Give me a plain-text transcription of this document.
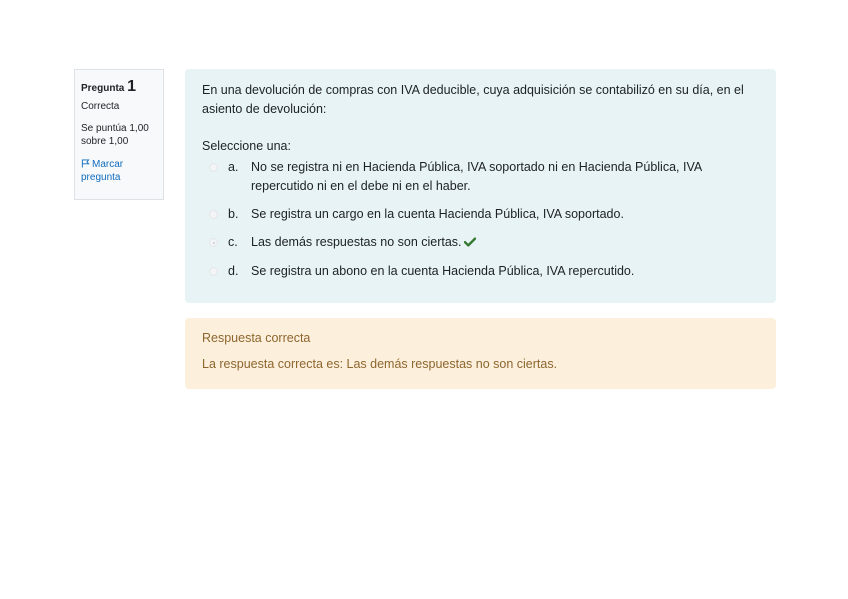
Pregunta 1
Correcta
Se puntúa 1,00 sobre 1,00
Marcar pregunta

En una devolución de compras con IVA deducible, cuya adquisición se contabilizó en su día, en el asiento de devolución:

Seleccione una:
a.	No se registra ni en Hacienda Pública, IVA soportado ni en Hacienda Pública, IVA repercutido ni en el debe ni en el haber.
b.	Se registra un cargo en la cuenta Hacienda Pública, IVA soportado.
c.	Las demás respuestas no son ciertas.
d.	Se registra un abono en la cuenta Hacienda Pública, IVA repercutido.
Respuesta correcta
La respuesta correcta es: Las demás respuestas no son ciertas.
